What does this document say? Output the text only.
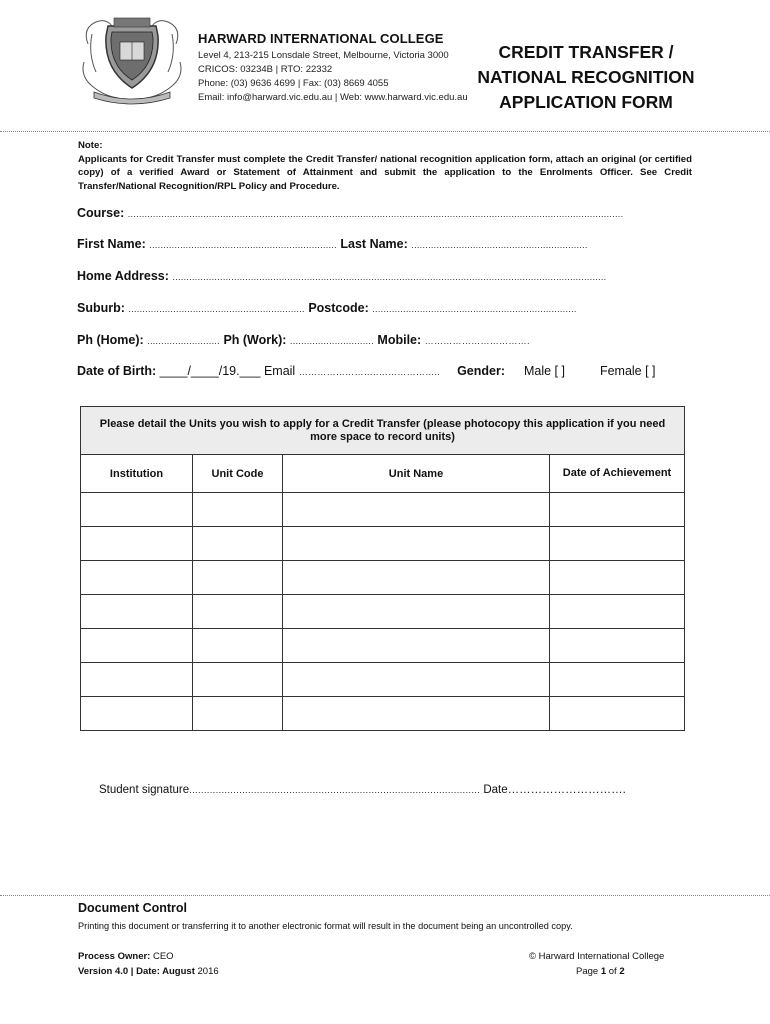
HARWARD INTERNATIONAL COLLEGE
Level 4, 213-215 Lonsdale Street, Melbourne, Victoria 3000
CRICOS: 03234B | RTO: 22332
Phone: (03) 9636 4699 | Fax: (03) 8669 4055
Email: info@harward.vic.edu.au | Web: www.harward.vic.edu.au
CREDIT TRANSFER /
NATIONAL RECOGNITION
APPLICATION FORM
Note:
Applicants for Credit Transfer must complete the Credit Transfer/ national recognition application form, attach an original (or certified copy) of a verified Award or Statement of Attainment and submit the application to the Enrolments Officer. See Credit Transfer/National Recognition/RPL Policy and Procedure.
Course: .................................................................................................................................................................................
First Name: ................................................................... Last Name: ...............................................................
Home Address: ...........................................................................................................................................................
Suburb: ............................................................... Postcode: .........................................................................
Ph (Home): .......................... Ph (Work): .............................. Mobile: …………………………….
Date of Birth: ____/____/19.___ Email ……………………..……………….. Gender: Male [ ]	Female [ ]
Please detail the Units you wish to apply for a Credit Transfer (please photocopy this application if you need more space to record units)			
Institution	Unit Code	Unit Name	Date of Achievement

Student signature................................................................................................... Date………………………….
Document Control
Printing this document or transferring it to another electronic format will result in the document being an uncontrolled copy.
Process Owner: CEO
Version 4.0 | Date: August 2016
© Harward International College
Page 1 of 2
